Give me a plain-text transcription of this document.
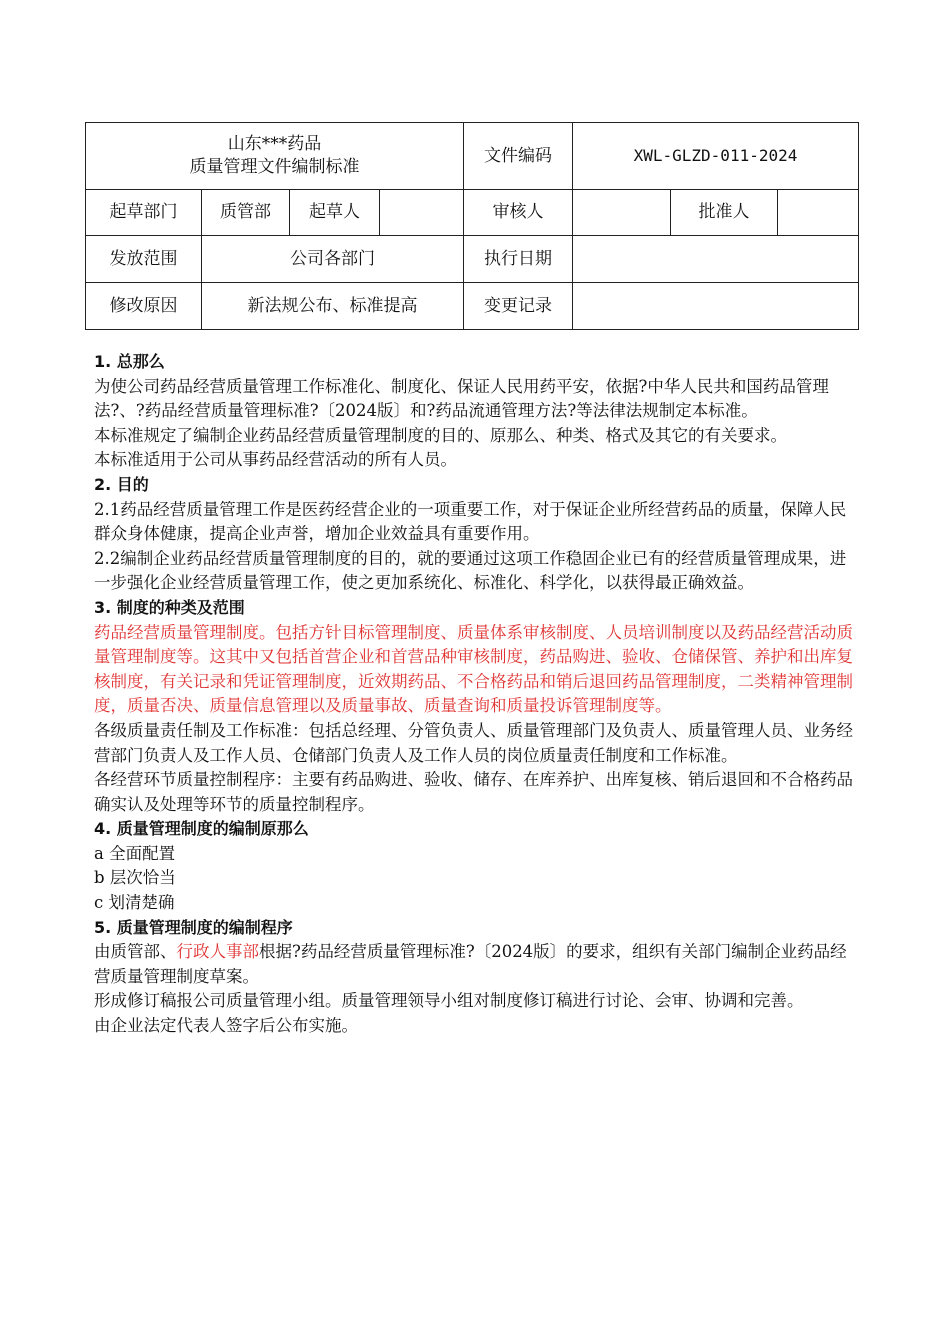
山东***药品
质量管理文件编制标准				文件编码	XWL-GLZD-011-2024		
起草部门	质管部	起草人		审核人		批准人	
发放范围	公司各部门			执行日期			
修改原因	新法规公布、标准提高			变更记录			

1. 总那么

为使公司药品经营质量管理工作标准化、制度化、保证人民用药平安，依据?中华人民共和国药品管理法?、?药品经营质量管理标准?〔2024版〕和?药品流通管理方法?等法律法规制定本标准。

本标准规定了编制企业药品经营质量管理制度的目的、原那么、种类、格式及其它的有关要求。

本标准适用于公司从事药品经营活动的所有人员。

2. 目的

2.1药品经营质量管理工作是医药经营企业的一项重要工作，对于保证企业所经营药品的质量，保障人民群众身体健康，提高企业声誉，增加企业效益具有重要作用。

2.2编制企业药品经营质量管理制度的目的，就的要通过这项工作稳固企业已有的经营质量管理成果，进一步强化企业经营质量管理工作，使之更加系统化、标准化、科学化，以获得最正确效益。

3. 制度的种类及范围

药品经营质量管理制度。包括方针目标管理制度、质量体系审核制度、人员培训制度以及药品经营活动质量管理制度等。这其中又包括首营企业和首营品种审核制度，药品购进、验收、仓储保管、养护和出库复核制度，有关记录和凭证管理制度，近效期药品、不合格药品和销后退回药品管理制度，二类精神管理制度，质量否决、质量信息管理以及质量事故、质量查询和质量投诉管理制度等。

各级质量责任制及工作标准：包括总经理、分管负责人、质量管理部门及负责人、质量管理人员、业务经营部门负责人及工作人员、仓储部门负责人及工作人员的岗位质量责任制度和工作标准。

各经营环节质量控制程序：主要有药品购进、验收、储存、在库养护、出库复核、销后退回和不合格药品确实认及处理等环节的质量控制程序。

4. 质量管理制度的编制原那么

a 全面配置

b 层次恰当

c 划清楚确

5. 质量管理制度的编制程序

由质管部、行政人事部根据?药品经营质量管理标准?〔2024版〕的要求，组织有关部门编制企业药品经营质量管理制度草案。

形成修订稿报公司质量管理小组。质量管理领导小组对制度修订稿进行讨论、会审、协调和完善。

由企业法定代表人签字后公布实施。
